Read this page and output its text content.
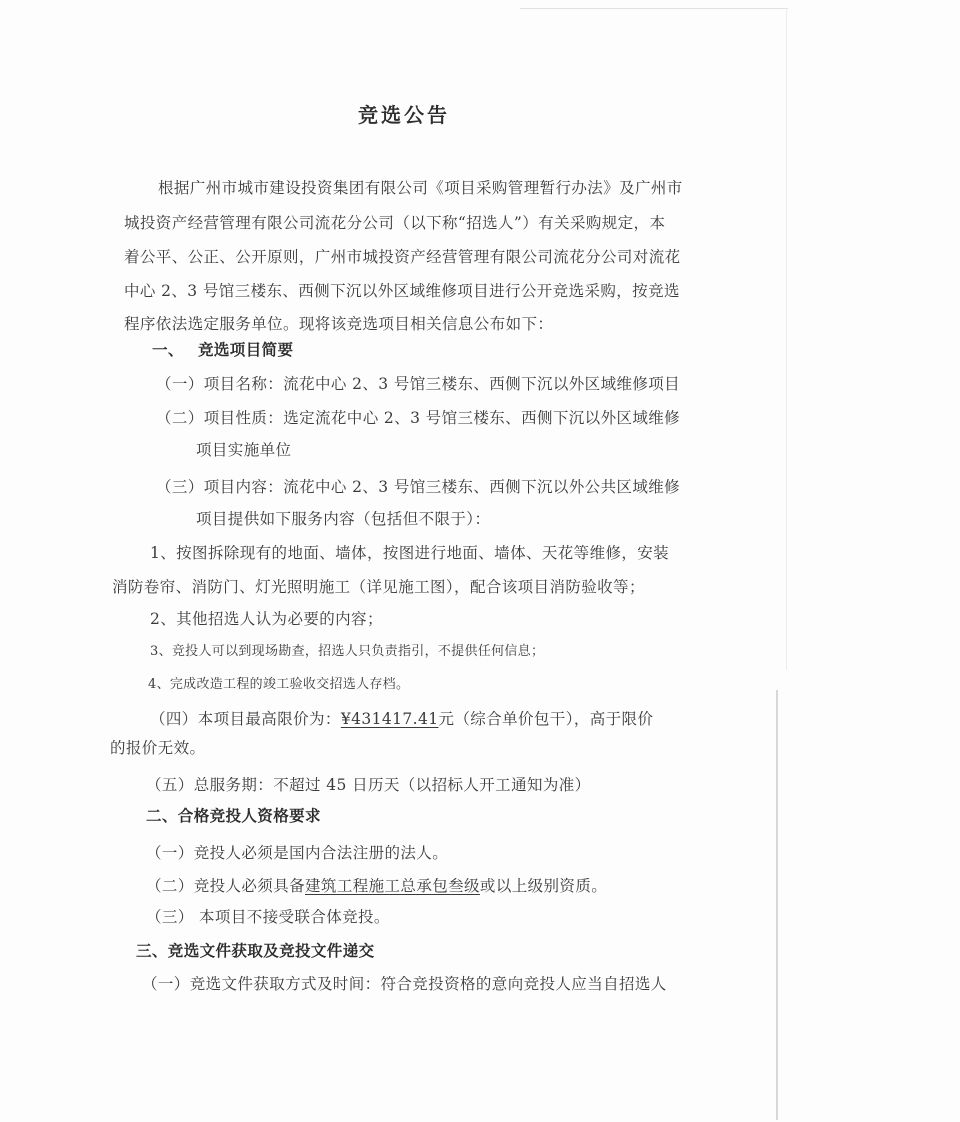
竞选公告
根据广州市城市建设投资集团有限公司《项目采购管理暂行办法》及广州市
城投资产经营管理有限公司流花分公司（以下称“招选人”）有关采购规定，本
着公平、公正、公开原则，广州市城投资产经营管理有限公司流花分公司对流花
中心 2、3 号馆三楼东、西侧下沉以外区域维修项目进行公开竞选采购，按竞选
程序依法选定服务单位。现将该竞选项目相关信息公布如下：
一、 竞选项目简要
（一）项目名称：流花中心 2、3 号馆三楼东、西侧下沉以外区域维修项目
（二）项目性质：选定流花中心 2、3 号馆三楼东、西侧下沉以外区域维修
项目实施单位
（三）项目内容：流花中心 2、3 号馆三楼东、西侧下沉以外公共区域维修
项目提供如下服务内容（包括但不限于）：
1、按图拆除现有的地面、墙体，按图进行地面、墙体、天花等维修，安装
消防卷帘、消防门、灯光照明施工（详见施工图），配合该项目消防验收等；
2、其他招选人认为必要的内容；
3、竞投人可以到现场勘查，招选人只负责指引，不提供任何信息；
4、完成改造工程的竣工验收交招选人存档。
（四）本项目最高限价为：¥431417.41元（综合单价包干），高于限价
的报价无效。
（五）总服务期：不超过 45 日历天（以招标人开工通知为准）
二、合格竞投人资格要求
（一）竞投人必须是国内合法注册的法人。
（二）竞投人必须具备建筑工程施工总承包叁级或以上级别资质。
（三） 本项目不接受联合体竞投。
三、竞选文件获取及竞投文件递交
（一）竞选文件获取方式及时间：符合竞投资格的意向竞投人应当自招选人
